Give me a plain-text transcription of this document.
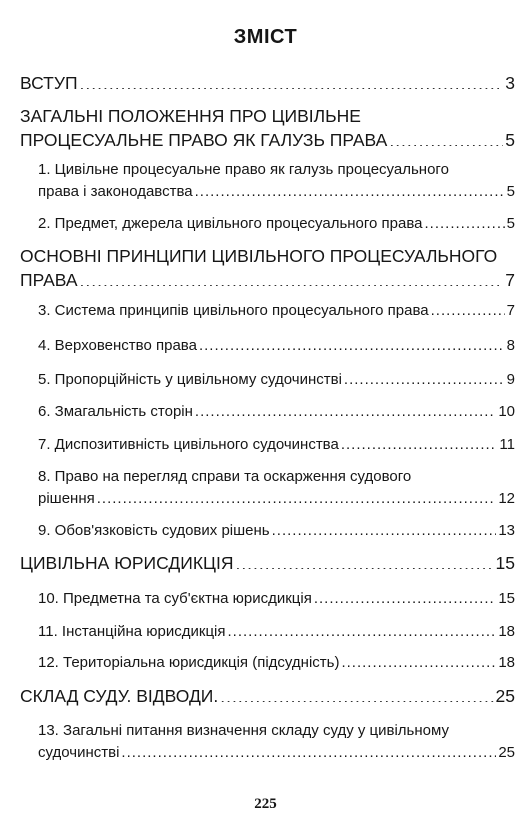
ЗМІСТ
ВСТУП .....	3
ЗАГАЛЬНІ ПОЛОЖЕННЯ ПРО ЦИВІЛЬНЕ
ПРОЦЕСУАЛЬНЕ ПРАВО ЯК ГАЛУЗЬ ПРАВА .....	5
1. Цивільне процесуальне право як галузь процесуального
права і законодавства .....	5
2. Предмет, джерела цивільного процесуального права .....	5
ОСНОВНІ ПРИНЦИПИ ЦИВІЛЬНОГО ПРОЦЕСУАЛЬНОГО
ПРАВА .....	7
3. Система принципів цивільного процесуального права .....	7
4. Верховенство права .....	8
5. Пропорційність у цивільному судочинстві .....	9
6. Змагальність сторін .....	10
7. Диспозитивність цивільного судочинства .....	11
8. Право на перегляд справи та оскарження судового
рішення .....	12
9. Обов'язковість судових рішень .....	13
ЦИВІЛЬНА ЮРИСДИКЦІЯ .....	15
10. Предметна та суб'єктна юрисдикція .....	15
11. Інстанційна юрисдикція .....	18
12. Територіальна юрисдикція (підсудність) .....	18
СКЛАД СУДУ. ВІДВОДИ. .....	25
13. Загальні питання визначення складу суду у цивільному
судочинстві .....	25
225
